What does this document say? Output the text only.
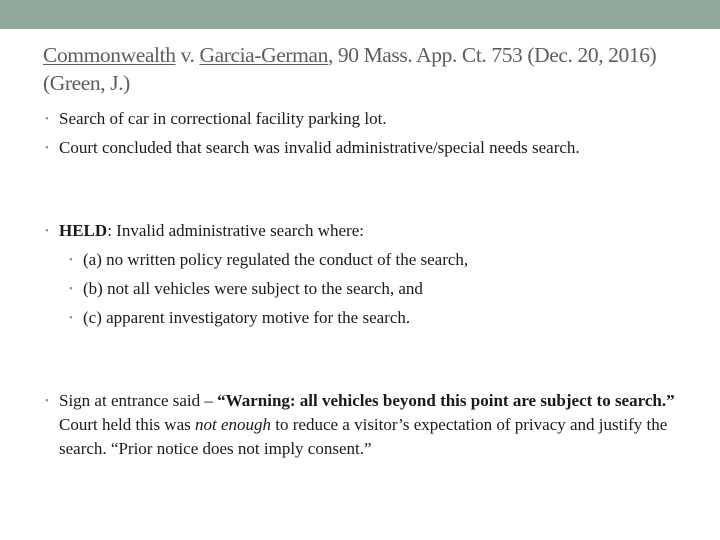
Commonwealth v. Garcia-German, 90 Mass. App. Ct. 753 (Dec. 20, 2016) (Green, J.)

• Search of car in correctional facility parking lot.

• Court concluded that search was invalid administrative/special needs search.

• HELD: Invalid administrative search where:

• (a) no written policy regulated the conduct of the search,

• (b) not all vehicles were subject to the search, and

• (c) apparent investigatory motive for the search.

• Sign at entrance said – “Warning: all vehicles beyond this point are subject to search.” Court held this was not enough to reduce a visitor’s expectation of privacy and justify the search. “Prior notice does not imply consent.”
